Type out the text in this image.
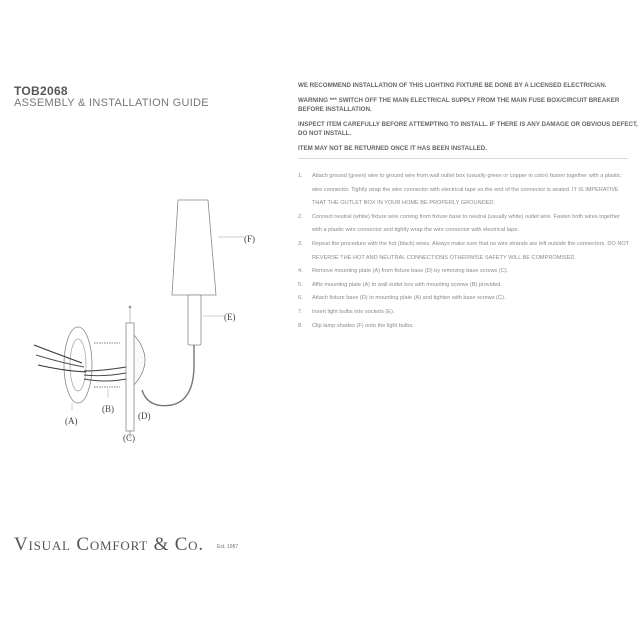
TOB2068
ASSEMBLY & INSTALLATION GUIDE

WE RECOMMEND INSTALLATION OF THIS LIGHTING FIXTURE BE DONE BY A LICENSED ELECTRICIAN.

WARNING *** SWITCH OFF THE MAIN ELECTRICAL SUPPLY FROM THE MAIN FUSE BOX/CIRCUIT BREAKER BEFORE INSTALLATION.

INSPECT ITEM CAREFULLY BEFORE ATTEMPTING TO INSTALL. IF THERE IS ANY DAMAGE OR OBVIOUS DEFECT, DO NOT INSTALL.

ITEM MAY NOT BE RETURNED ONCE IT HAS BEEN INSTALLED.

1. Attach ground (green) wire to ground wire from wall outlet box (usually green or copper in color) fasten together with a plastic wire connector. Tightly wrap the wire connector with electrical tape so the end of the connector is sealed. IT IS IMPERATIVE THAT THE OUTLET BOX IN YOUR HOME BE PROPERLY GROUNDED.
2. Connect neutral (white) fixture wire coming from fixture base to neutral (usually white) outlet wire. Fasten both wires together with a plastic wire connector and tightly wrap the wire connector with electrical tape.
3. Repeat the procedure with the hot (black) wires. Always make sure that no wire strands are left outside the connectors. DO NOT REVERSE THE HOT AND NEUTRAL CONNECTIONS OTHERWISE SAFETY WILL BE COMPROMISED.
4. Remove mounting plate (A) from fixture base (D) by removing base screws (C).
5. Affix mounting plate (A) to wall outlet box with mounting screws (B) provided.
6. Attach fixture base (D) to mounting plate (A) and tighten with base screws (C).
7. Insert light bulbs into sockets (E).
8. Clip lamp shades (F) onto the light bulbs.
(F)
(E)
(D)
(B)
(A)
(C)
Visual Comfort & Co.	Est. 1987
